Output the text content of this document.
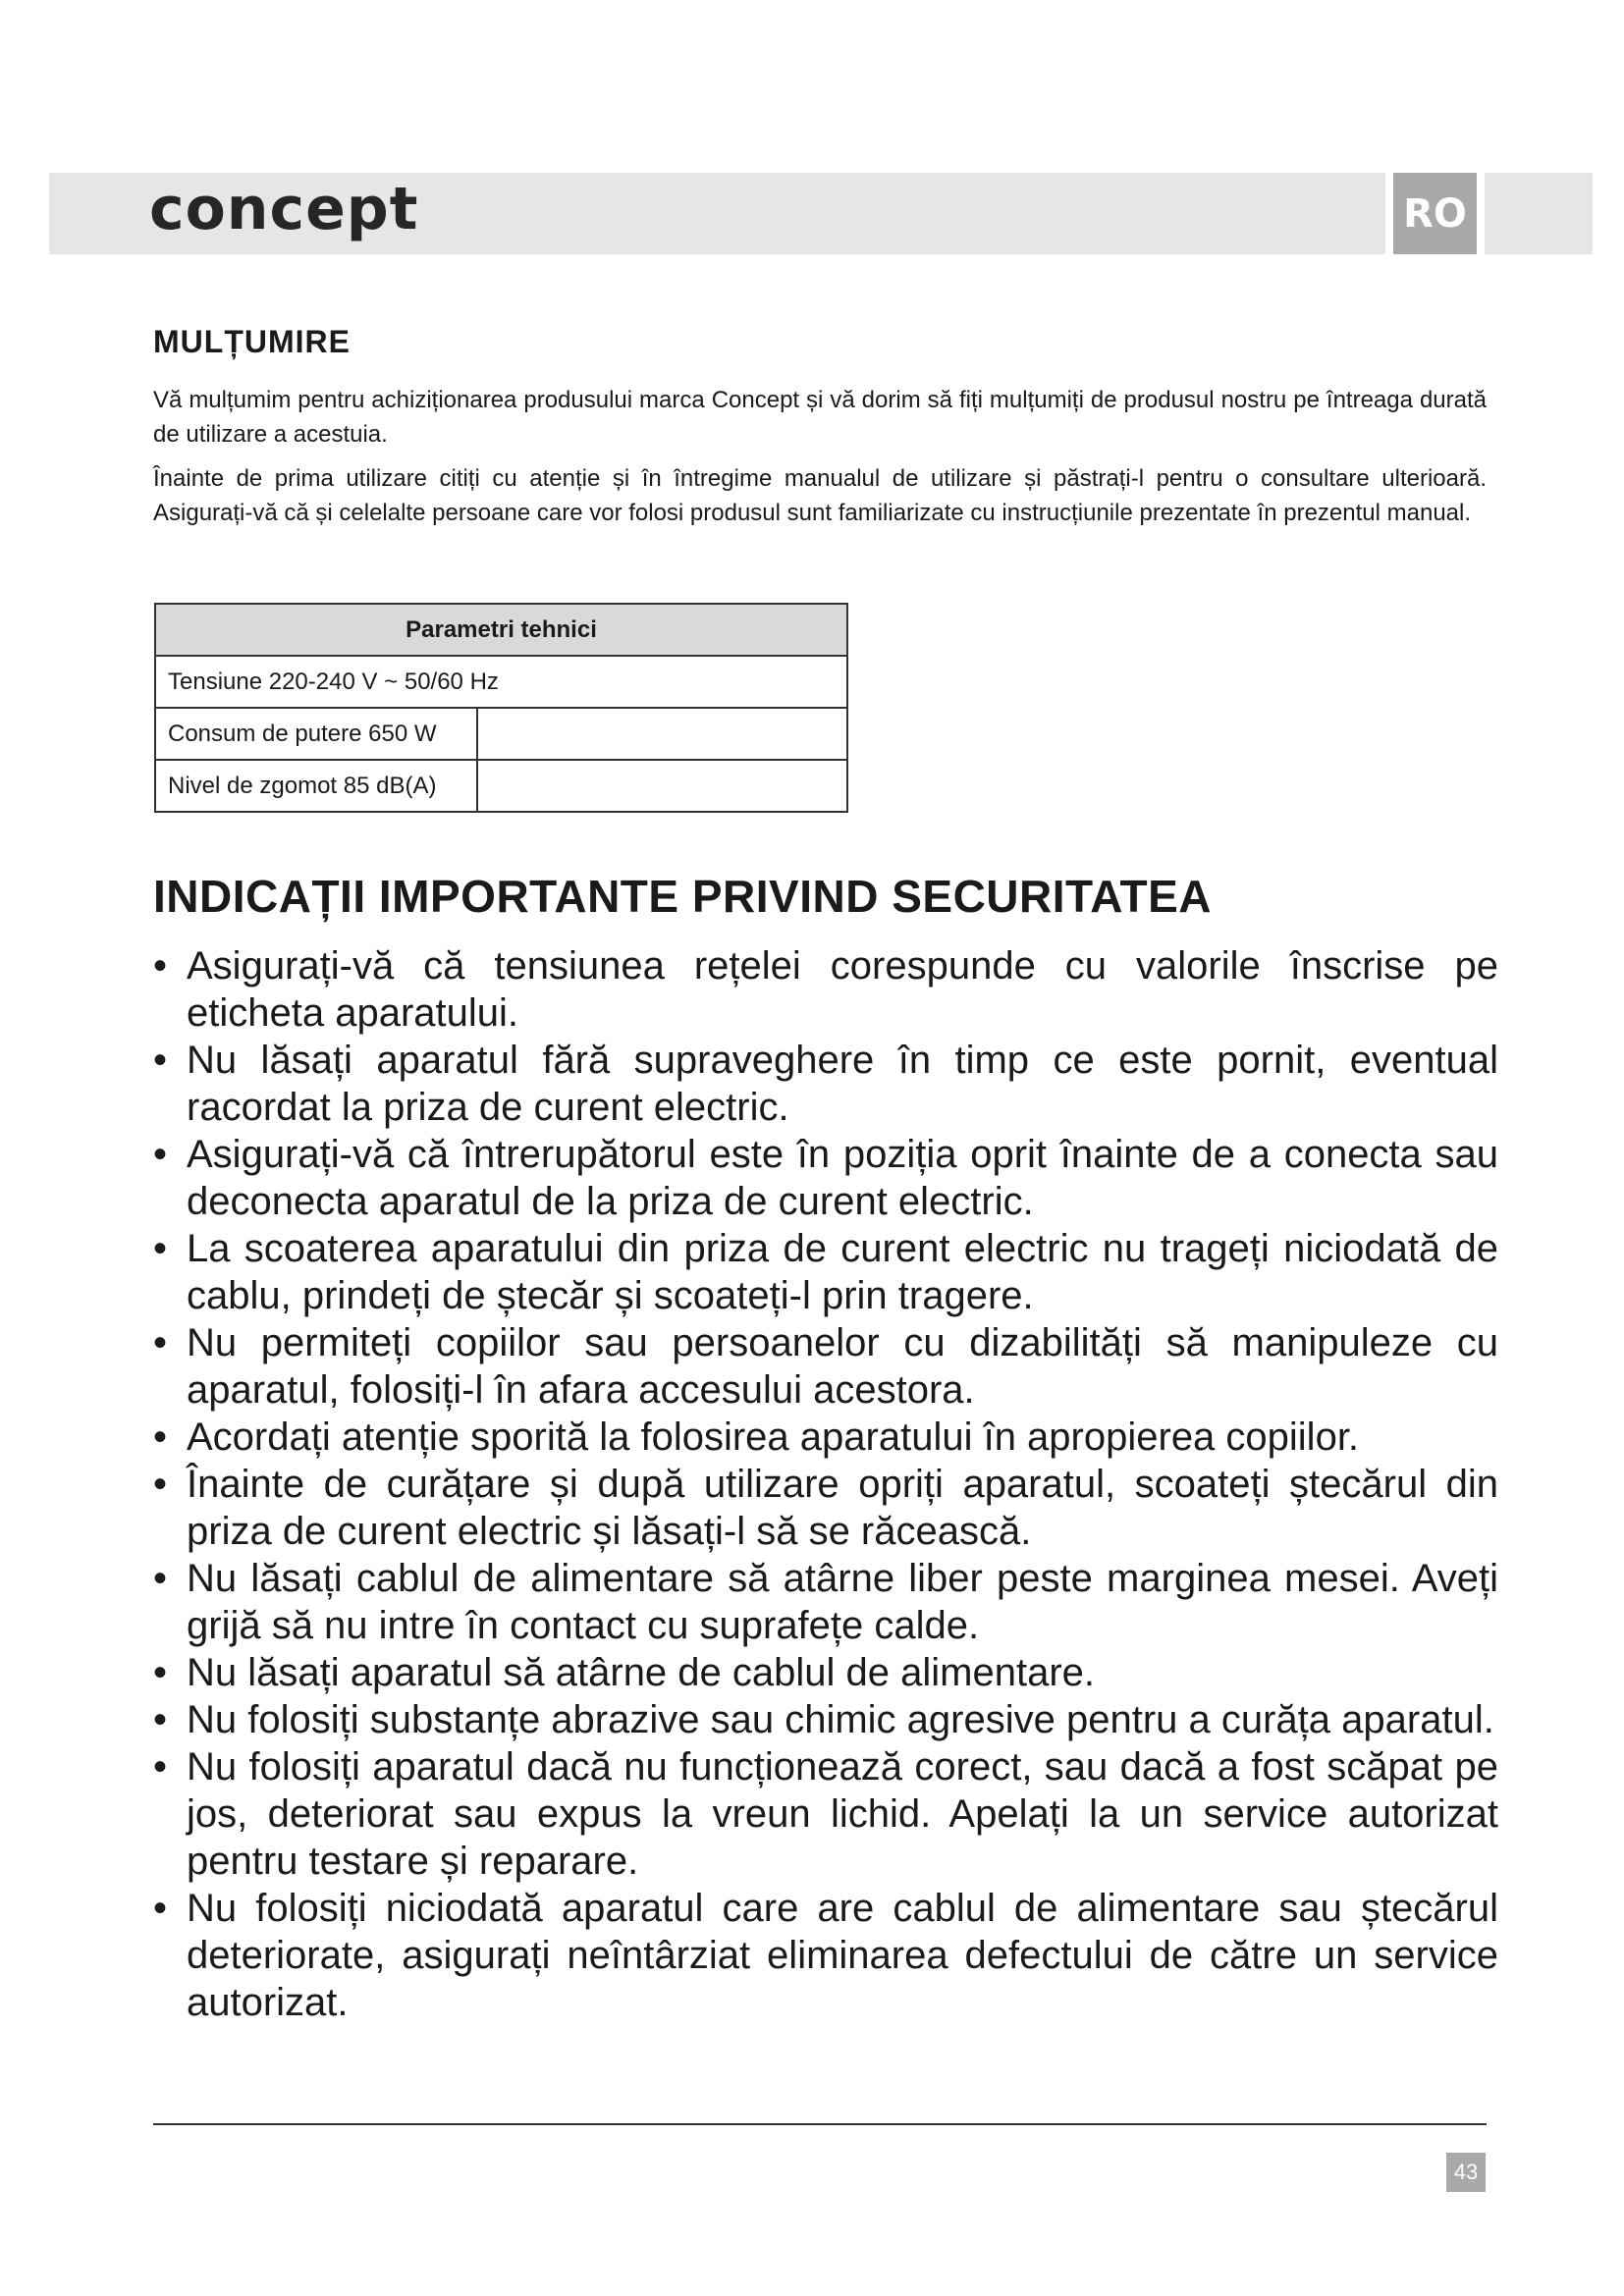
concept	RO
MULȚUMIRE

Vă mulțumim pentru achiziționarea produsului marca Concept și vă dorim să fiți mulțumiți de produsul nostru pe întreaga durată de utilizare a acestuia.

Înainte de prima utilizare citiți cu atenție și în întregime manualul de utilizare și păstrați-l pentru o consultare ulterioară. Asigurați-vă că și celelalte persoane care vor folosi produsul sunt familiarizate cu instrucțiunile prezentate în prezentul manual.

Parametri tehnici	
Tensiune 220-240 V ~ 50/60 Hz	
Consum de putere 650 W	
Nivel de zgomot 85 dB(A)	
INDICAȚII IMPORTANTE PRIVIND SECURITATEA
• Asigurați-vă că tensiunea rețelei corespunde cu valorile înscrise pe eticheta aparatului.
• Nu lăsați aparatul fără supraveghere în timp ce este pornit, eventual racordat la priza de curent electric.
• Asigurați-vă că întrerupătorul este în poziția oprit înainte de a conecta sau deconecta aparatul de la priza de curent electric.
• La scoaterea aparatului din priza de curent electric nu trageți niciodată de cablu, prindeți de ștecăr și scoateți-l prin tragere.
• Nu permiteți copiilor sau persoanelor cu dizabilități să manipuleze cu aparatul, folosiți-l în afara accesului acestora.
• Acordați atenție sporită la folosirea aparatului în apropierea copiilor.
• Înainte de curățare și după utilizare opriți aparatul, scoateți ștecărul din priza de curent electric și lăsați-l să se răcească.
• Nu lăsați cablul de alimentare să atârne liber peste marginea mesei. Aveți grijă să nu intre în contact cu suprafețe calde.
• Nu lăsați aparatul să atârne de cablul de alimentare.
• Nu folosiți substanțe abrazive sau chimic agresive pentru a curăța aparatul.
• Nu folosiți aparatul dacă nu funcționează corect, sau dacă a fost scăpat pe jos, deteriorat sau expus la vreun lichid. Apelați la un service autorizat pentru testare și reparare.
• Nu folosiți niciodată aparatul care are cablul de alimentare sau ștecărul deteriorate, asigurați neîntârziat eliminarea defectului de către un service autorizat.
43
